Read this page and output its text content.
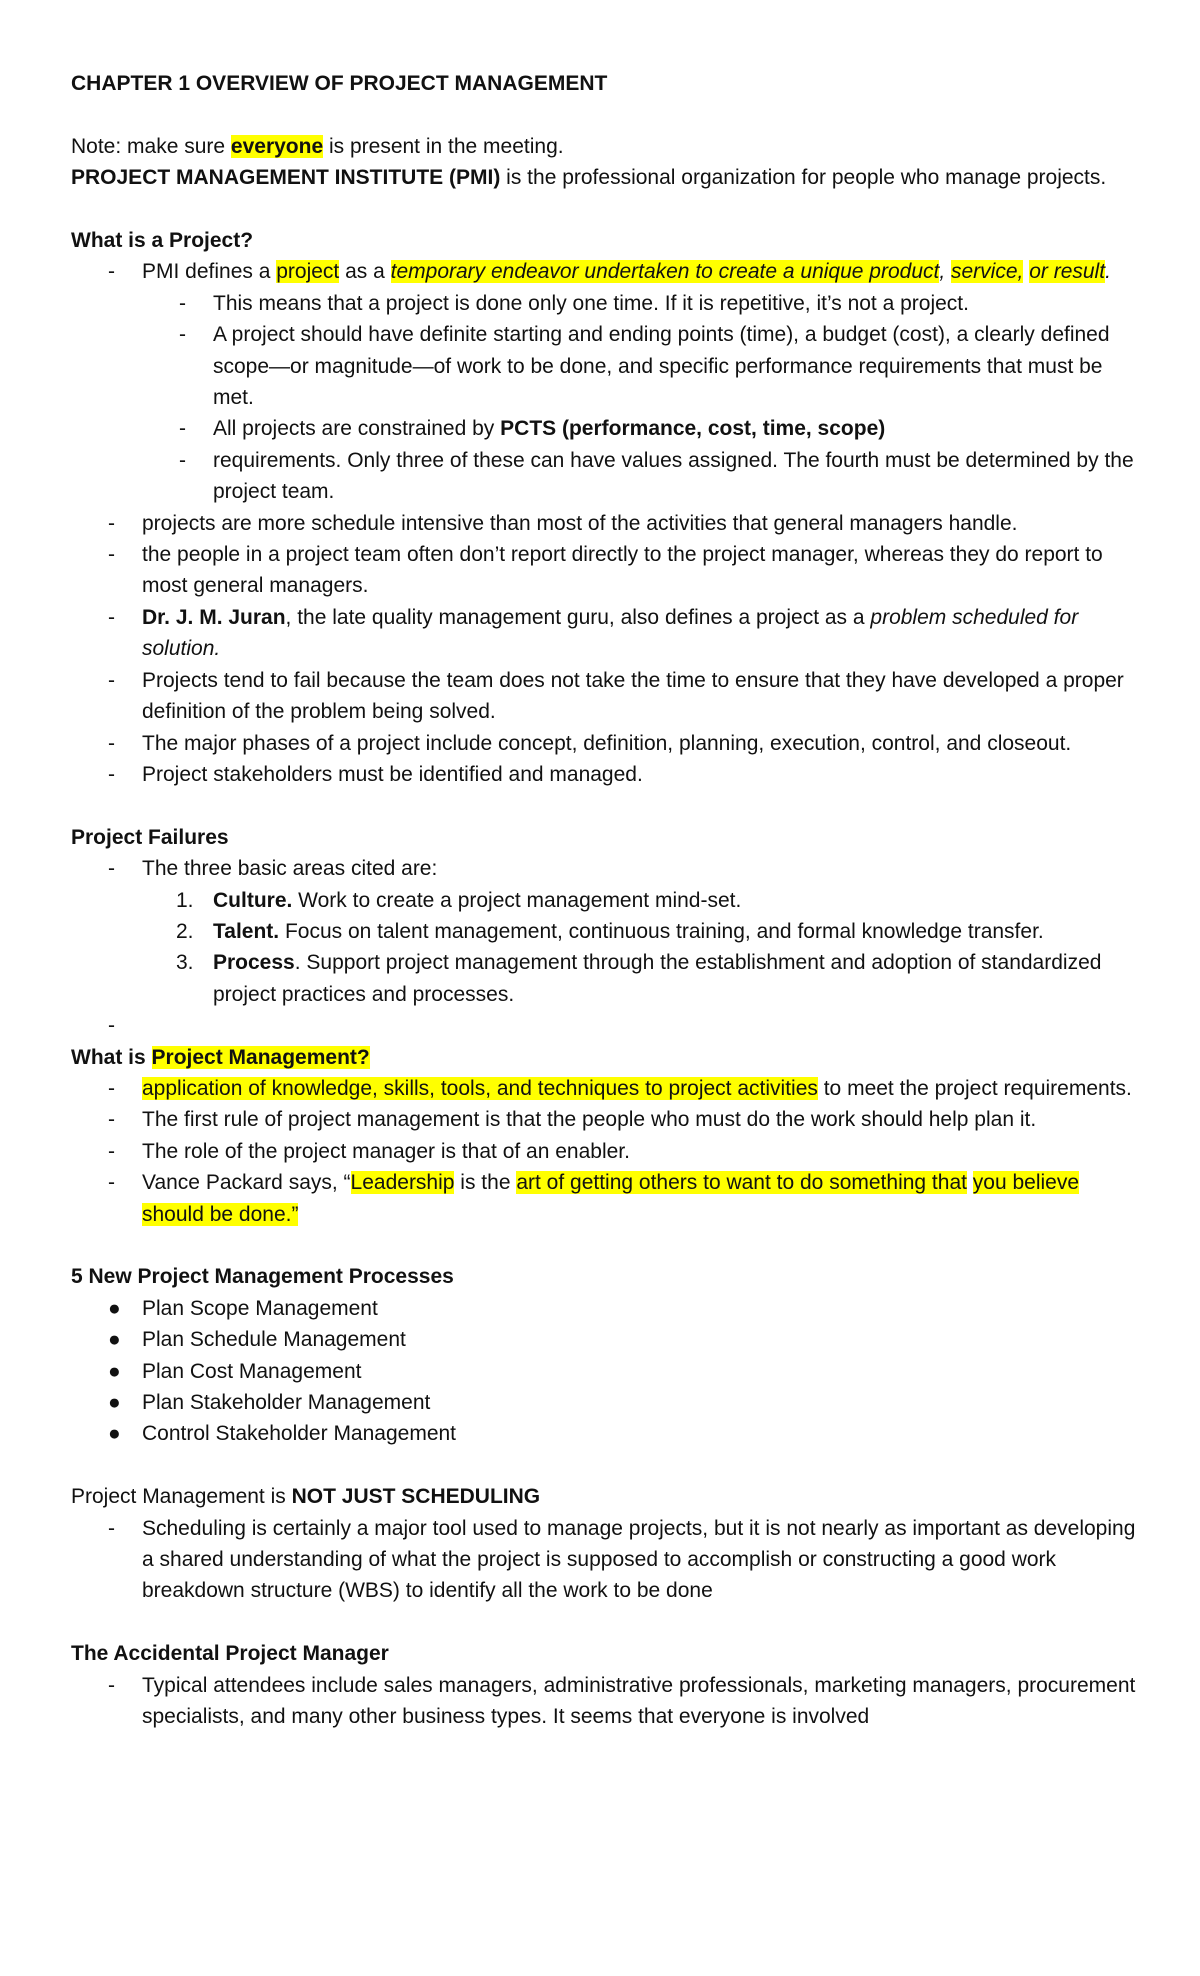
CHAPTER 1 OVERVIEW OF PROJECT MANAGEMENT

Note: make sure everyone is present in the meeting.

PROJECT MANAGEMENT INSTITUTE (PMI) is the professional organization for people who manage projects.

What is a Project?

- PMI defines a project as a temporary endeavor undertaken to create a unique product, service, or result.
- This means that a project is done only one time. If it is repetitive, it’s not a project.
- A project should have definite starting and ending points (time), a budget (cost), a clearly defined scope—or magnitude—of work to be done, and specific performance requirements that must be met.
- All projects are constrained by PCTS (performance, cost, time, scope)
- requirements. Only three of these can have values assigned. The fourth must be determined by the project team.
- projects are more schedule intensive than most of the activities that general managers handle.
- the people in a project team often don’t report directly to the project manager, whereas they do report to most general managers.
- Dr. J. M. Juran, the late quality management guru, also defines a project as a problem scheduled for solution.
- Projects tend to fail because the team does not take the time to ensure that they have developed a proper definition of the problem being solved.
- The major phases of a project include concept, definition, planning, execution, control, and closeout.
- Project stakeholders must be identified and managed.

Project Failures

- The three basic areas cited are:
1. Culture. Work to create a project management mind-set.
2. Talent. Focus on talent management, continuous training, and formal knowledge transfer.
3. Process. Support project management through the establishment and adoption of standardized project practices and processes.
-

What is Project Management?

- application of knowledge, skills, tools, and techniques to project activities to meet the project requirements.
- The first rule of project management is that the people who must do the work should help plan it.
- The role of the project manager is that of an enabler.
- Vance Packard says, “Leadership is the art of getting others to want to do something that you believe should be done.”

5 New Project Management Processes

● Plan Scope Management
● Plan Schedule Management
● Plan Cost Management
● Plan Stakeholder Management
● Control Stakeholder Management

Project Management is NOT JUST SCHEDULING

- Scheduling is certainly a major tool used to manage projects, but it is not nearly as important as developing a shared understanding of what the project is supposed to accomplish or constructing a good work breakdown structure (WBS) to identify all the work to be done

The Accidental Project Manager

- Typical attendees include sales managers, administrative professionals, marketing managers, procurement specialists, and many other business types. It seems that everyone is involved
